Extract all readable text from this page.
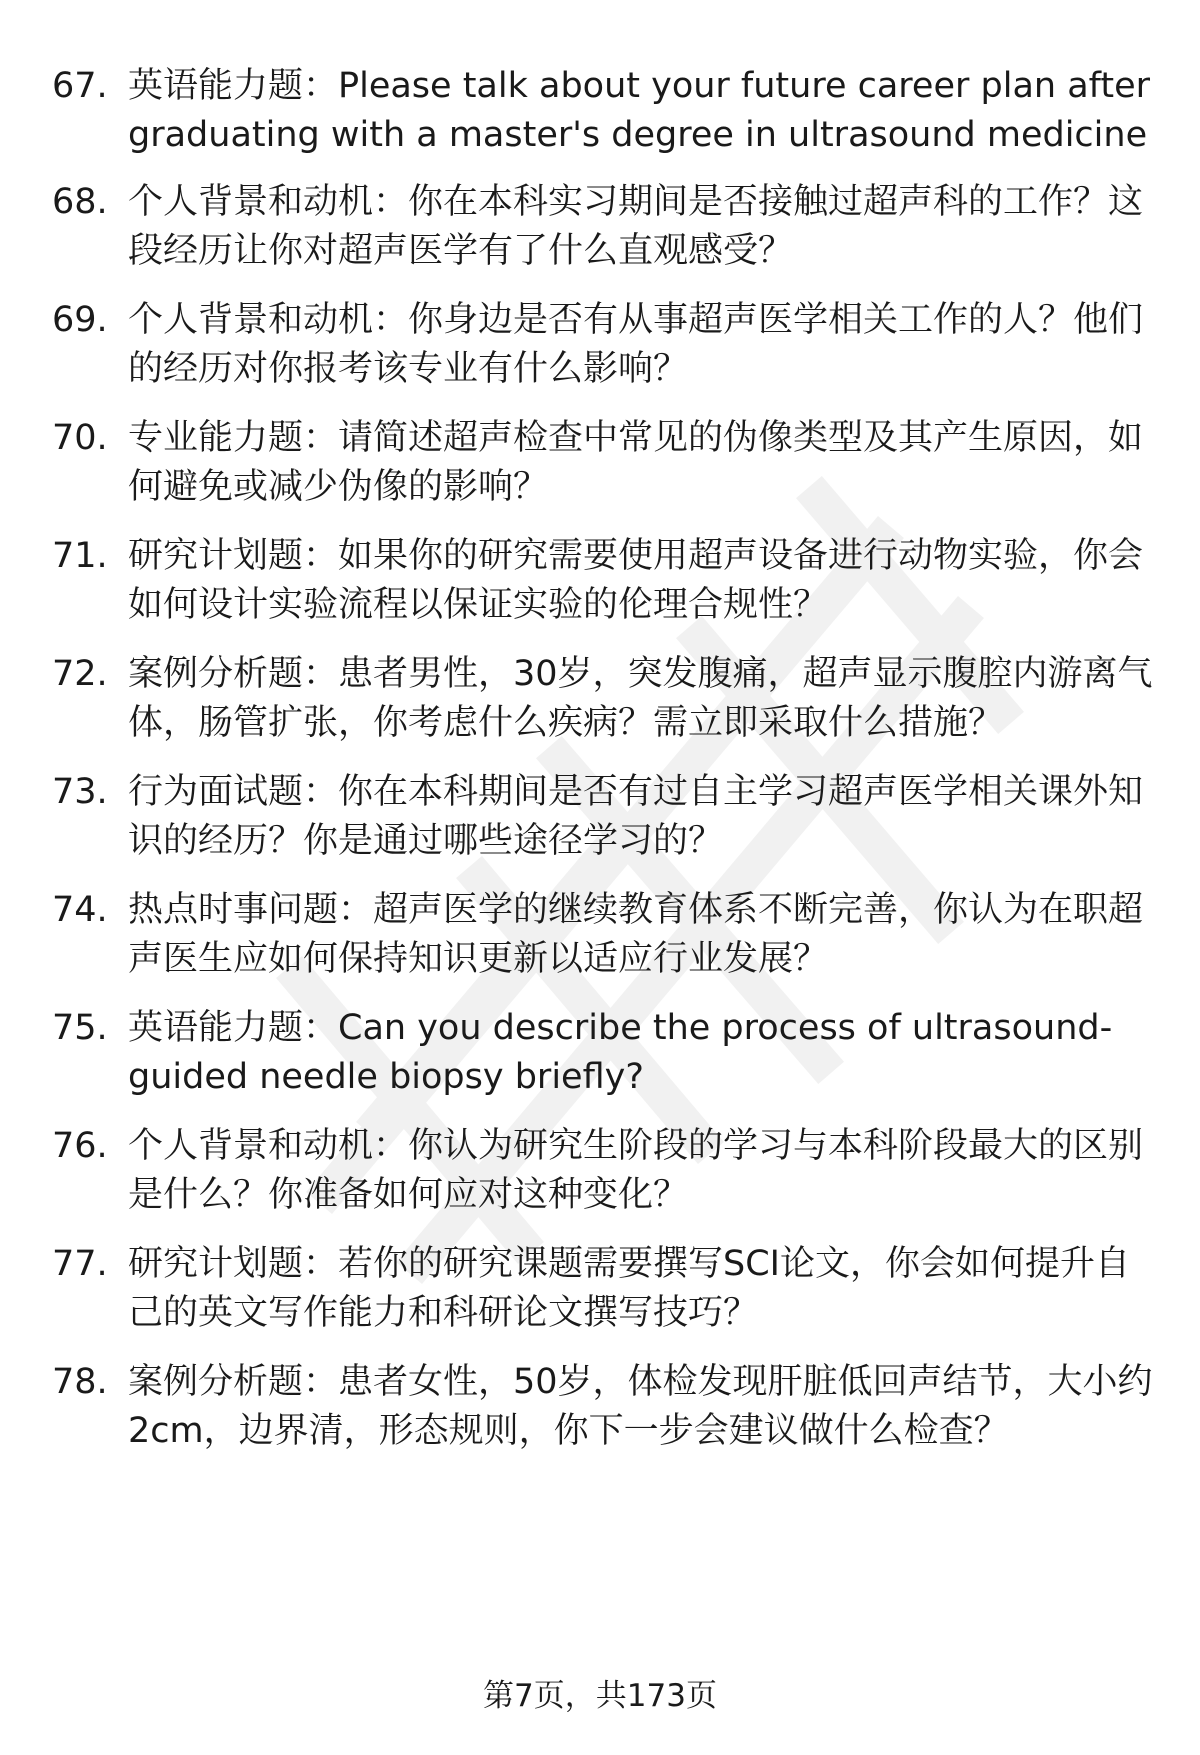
67. 英语能力题：Please talk about your future career plan after graduating with a master's degree in ultrasound medicine
68. 个人背景和动机：你在本科实习期间是否接触过超声科的工作？这段经历让你对超声医学有了什么直观感受？
69. 个人背景和动机：你身边是否有从事超声医学相关工作的人？他们的经历对你报考该专业有什么影响？
70. 专业能力题：请简述超声检查中常见的伪像类型及其产生原因，如何避免或减少伪像的影响？
71. 研究计划题：如果你的研究需要使用超声设备进行动物实验，你会如何设计实验流程以保证实验的伦理合规性？
72. 案例分析题：患者男性，30岁，突发腹痛，超声显示腹腔内游离气体，肠管扩张，你考虑什么疾病？需立即采取什么措施？
73. 行为面试题：你在本科期间是否有过自主学习超声医学相关课外知识的经历？你是通过哪些途径学习的？
74. 热点时事问题：超声医学的继续教育体系不断完善，你认为在职超声医生应如何保持知识更新以适应行业发展？
75. 英语能力题：Can you describe the process of ultrasound-guided needle biopsy briefly?
76. 个人背景和动机：你认为研究生阶段的学习与本科阶段最大的区别是什么？你准备如何应对这种变化？
77. 研究计划题：若你的研究课题需要撰写SCI论文，你会如何提升自己的英文写作能力和科研论文撰写技巧？
78. 案例分析题：患者女性，50岁，体检发现肝脏低回声结节，大小约2cm，边界清，形态规则，你下一步会建议做什么检查？
第7页，共173页
